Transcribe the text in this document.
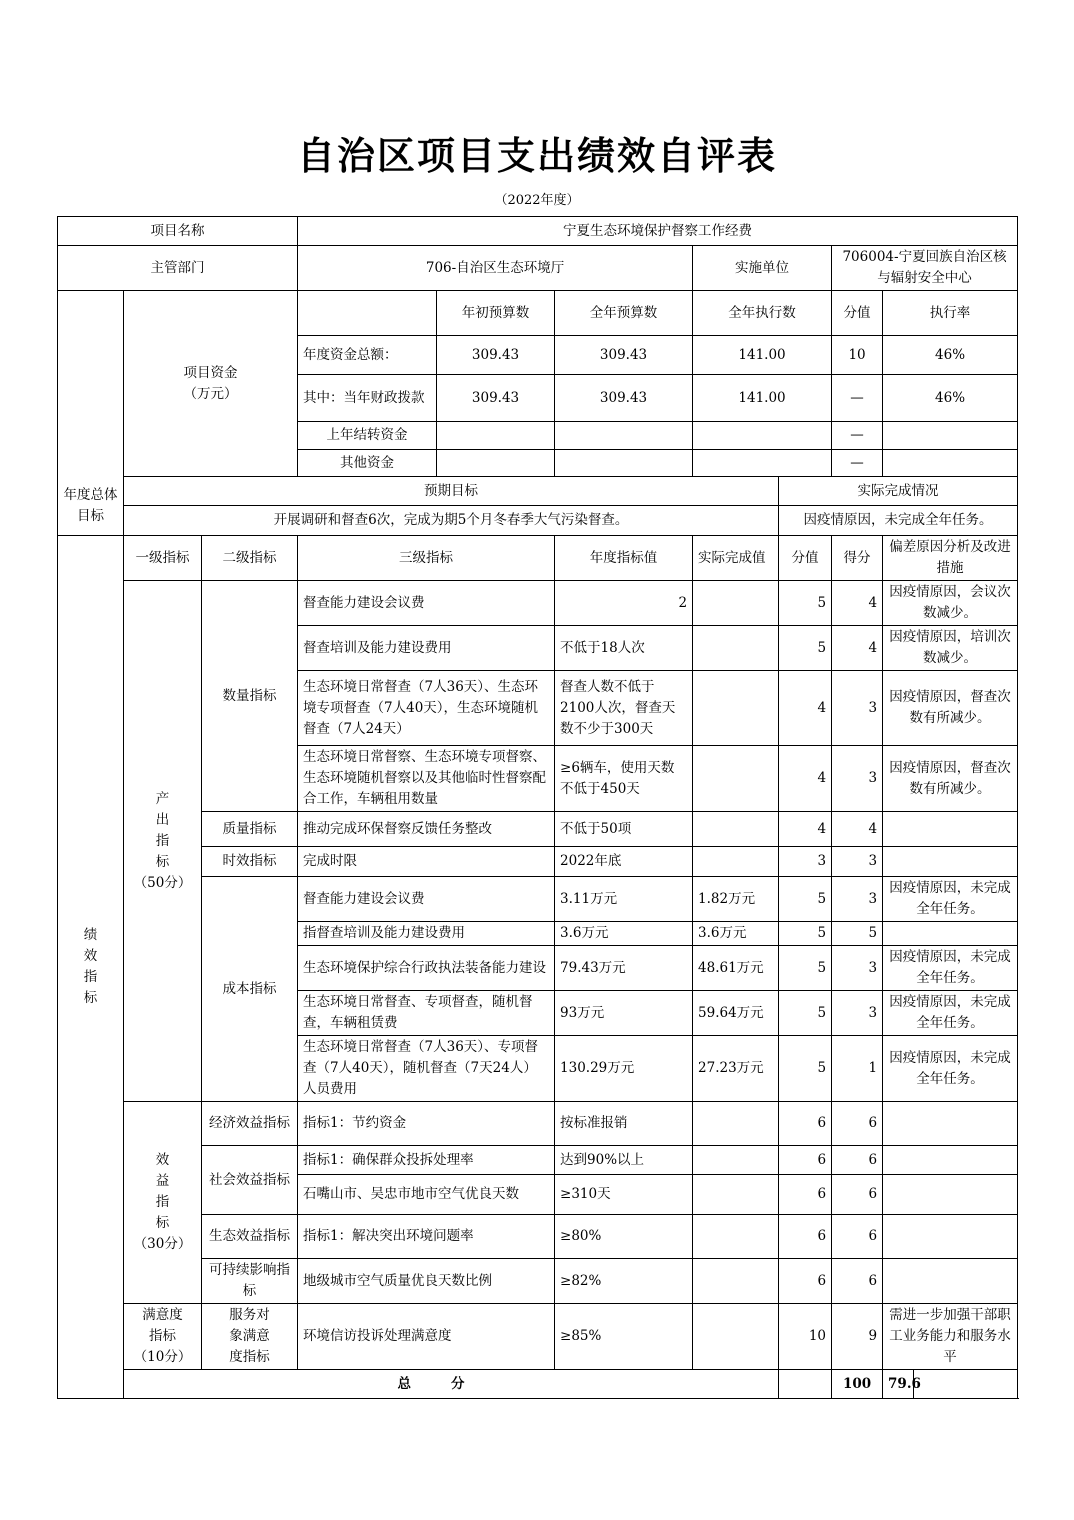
自治区项目支出绩效自评表
（2022年度）
项目名称			宁夏生态环境保护督察工作经费								
主管部门			706-自治区生态环境厅			实施单位		706004-宁夏回族自治区核与辐射安全中心			

	项目资金
（万元）			年初预算数	全年预算数	全年执行数		分值	执行率	
			年度资金总额：	309.43	309.43	141.00		10	46%	
			其中：当年财政拨款	309.43	309.43	141.00		—	46%	
			上年结转资金					—		
			其他资金					—		
年度总体目标	预期目标						实际完成情况				
	开展调研和督查6次，完成为期5个月冬春季大气污染督查。						因疫情原因，未完成全年任务。				

绩效指标	一级指标	二级指标	三级指标		年度指标值	实际完成值	分值	得分	偏差原因分析及改进措施		

	产出指标
（50分）	数量指标	督查能力建设会议费		2		5	4	因疫情原因，会议次数减少。		
			督查培训及能力建设费用		不低于18人次		5	4	因疫情原因，培训次数减少。		
			生态环境日常督查（7人36天）、生态环境专项督查（7人40天），生态环境随机督查（7人24天）		督查人数不低于2100人次，督查天数不少于300天		4	3	因疫情原因，督查次数有所减少。		
			生态环境日常督察、生态环境专项督察、生态环境随机督察以及其他临时性督察配合工作，车辆租用数量		≥6辆车，使用天数不低于450天		4	3	因疫情原因，督查次数有所减少。		
		质量指标	推动完成环保督察反馈任务整改		不低于50项		4	4			
		时效指标	完成时限		2022年底		3	3			
		成本指标	督查能力建设会议费		3.11万元	1.82万元	5	3	因疫情原因，未完成全年任务。		
			指督查培训及能力建设费用		3.6万元	3.6万元	5	5			
			生态环境保护综合行政执法装备能力建设		79.43万元	48.61万元	5	3	因疫情原因，未完成全年任务。		
			生态环境日常督查、专项督查，随机督查，车辆租赁费		93万元	59.64万元	5	3	因疫情原因，未完成全年任务。		
			生态环境日常督查（7人36天）、专项督查（7人40天），随机督查（7天24人）人员费用		130.29万元	27.23万元	5	1	因疫情原因，未完成全年任务。		

	效益指标
（30分）	经济效益指标	指标1：节约资金		按标准报销		6	6			
		社会效益指标	指标1：确保群众投拆处理率		达到90%以上		6	6			
			石嘴山市、吴忠市地市空气优良天数		≥310天		6	6			
		生态效益指标	指标1：解决突出环境问题率		≥80%		6	6			
		可持续影响指标	地级城市空气质量优良天数比例		≥82%		6	6			

	满意度指标
（10分）	服务对象满意度指标	环境信访投诉处理满意度		≥85%		10	9	需进一步加强干部职工业务能力和服务水平		
	总分							100	79.6		
